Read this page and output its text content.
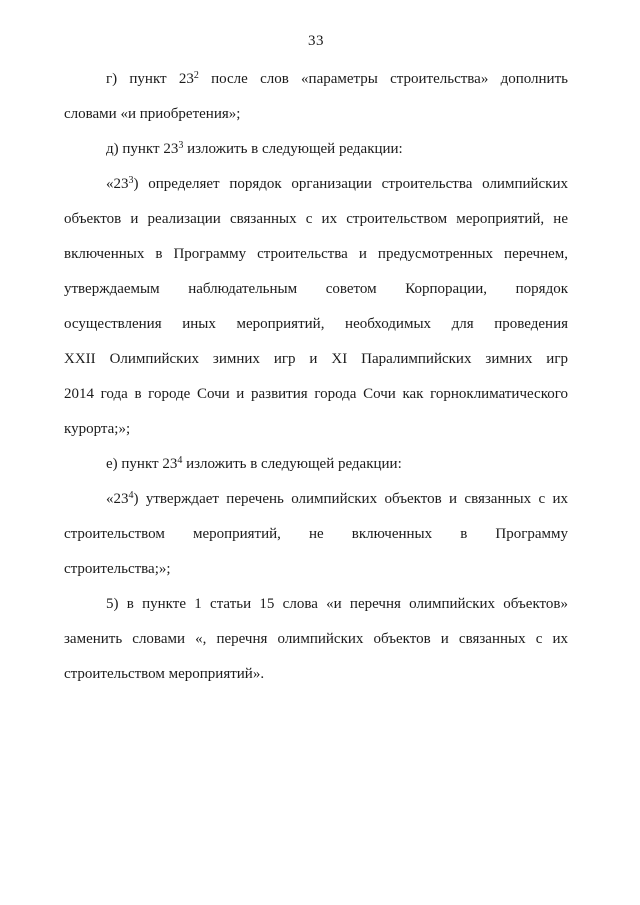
33
г) пункт $23^2$ после слов «параметры строительства» дополнить
словами «и приобретения»;
д) пункт $23^3$ изложить в следующей редакции:
«$23^3$) определяет порядок организации строительства олимпийских
объектов и реализации связанных с их строительством мероприятий, не
включенных в Программу строительства и предусмотренных перечнем,
утверждаемым наблюдательным советом Корпорации, порядок
осуществления иных мероприятий, необходимых для проведения
XXII Олимпийских зимних игр и XI Паралимпийских зимних игр
2014 года в городе Сочи и развития города Сочи как горноклиматического
курорта;»;
е) пункт $23^4$ изложить в следующей редакции:
«$23^4$) утверждает перечень олимпийских объектов и связанных с их
строительством мероприятий, не включенных в Программу
строительства;»;
5) в пункте 1 статьи 15 слова «и перечня олимпийских объектов»
заменить словами «, перечня олимпийских объектов и связанных с их
строительством мероприятий».
